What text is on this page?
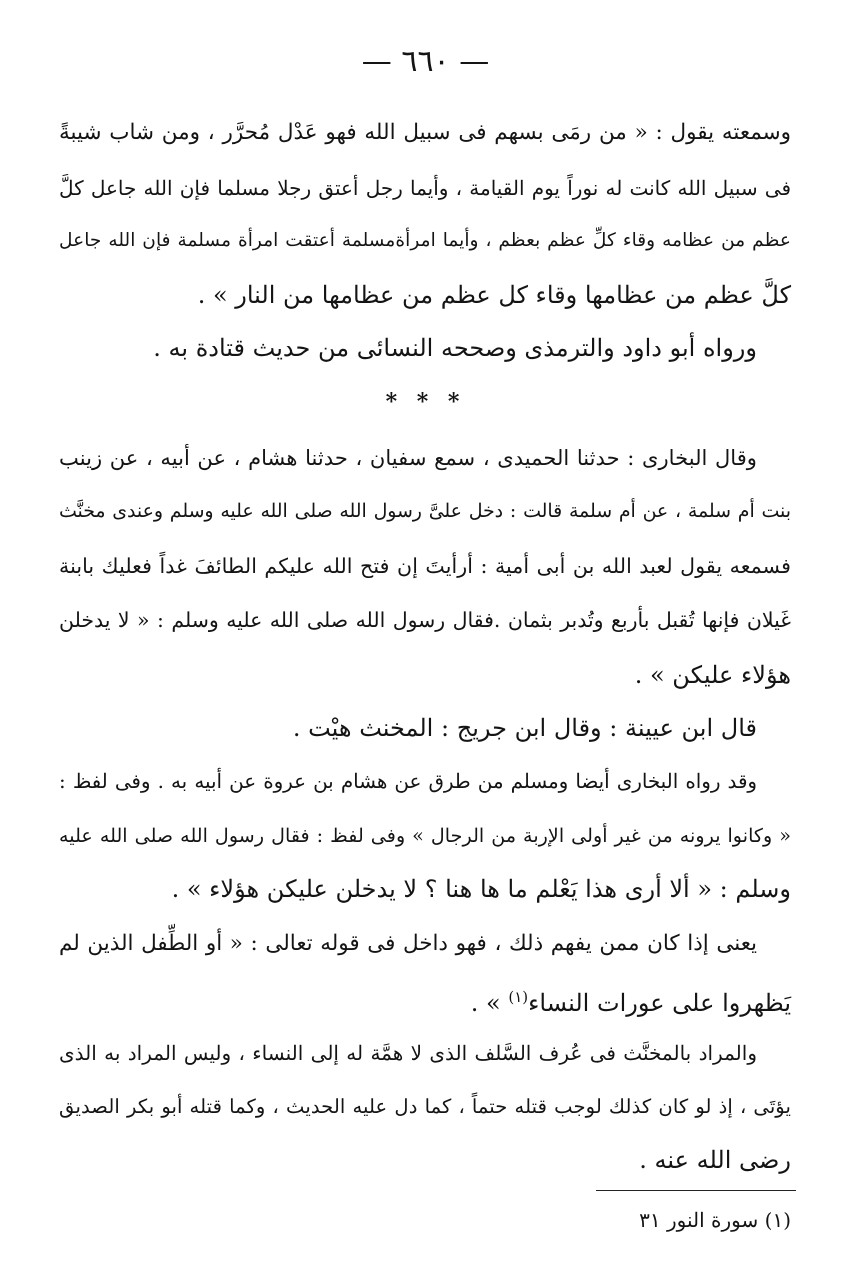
— ٦٦٠ —
وسمعته يقول : « من رمَى بسهم فى سبيل الله فهو عَدْل مُحرَّر ، ومن شاب شيبةً
فى سبيل الله كانت له نوراً يوم القيامة ، وأيما رجل أعتق رجلا مسلما فإن الله جاعل كلَّ
عظم من عظامه وقاء كلِّ عظم بعظم ، وأيما امرأةمسلمة أعتقت امرأة مسلمة فإن الله جاعل
كلَّ عظم من عظامها وقاء كل عظم من عظامها من النار » .
ورواه أبو داود والترمذى وصححه النسائى من حديث قتادة به .
* * *
وقال البخارى : حدثنا الحميدى ، سمع سفيان ، حدثنا هشام ، عن أبيه ، عن زينب
بنت أم سلمة ، عن أم سلمة قالت : دخل علىَّ رسول الله صلى الله عليه وسلم وعندى مخنَّث
فسمعه يقول لعبد الله بن أبى أمية : أرأيتَ إن فتح الله عليكم الطائفَ غداً فعليك بابنة
غَيلان فإنها تُقبل بأربع وتُدبر بثمان .فقال رسول الله صلى الله عليه وسلم : « لا يدخلن
هؤلاء عليكن » .
قال ابن عيينة : وقال ابن جريج : المخنث هيْت .
وقد رواه البخارى أيضا ومسلم من طرق عن هشام بن عروة عن أبيه به . وفى لفظ :
« وكانوا يرونه من غير أولى الإربة من الرجال » وفى لفظ : فقال رسول الله صلى الله عليه
وسلم : « ألا أرى هذا يَعْلم ما ها هنا ؟ لا يدخلن عليكن هؤلاء » .
يعنى إذا كان ممن يفهم ذلك ، فهو داخل فى قوله تعالى : « أو الطِّفل الذين لم
يَظهروا على عورات النساء$^{(١)}$ » .
والمراد بالمخنَّث فى عُرف السَّلف الذى لا همَّة له إلى النساء ، وليس المراد به الذى
يؤتَى ، إذ لو كان كذلك لوجب قتله حتماً ، كما دل عليه الحديث ، وكما قتله أبو بكر الصديق
رضى الله عنه .
(١) سورة النور ٣١
